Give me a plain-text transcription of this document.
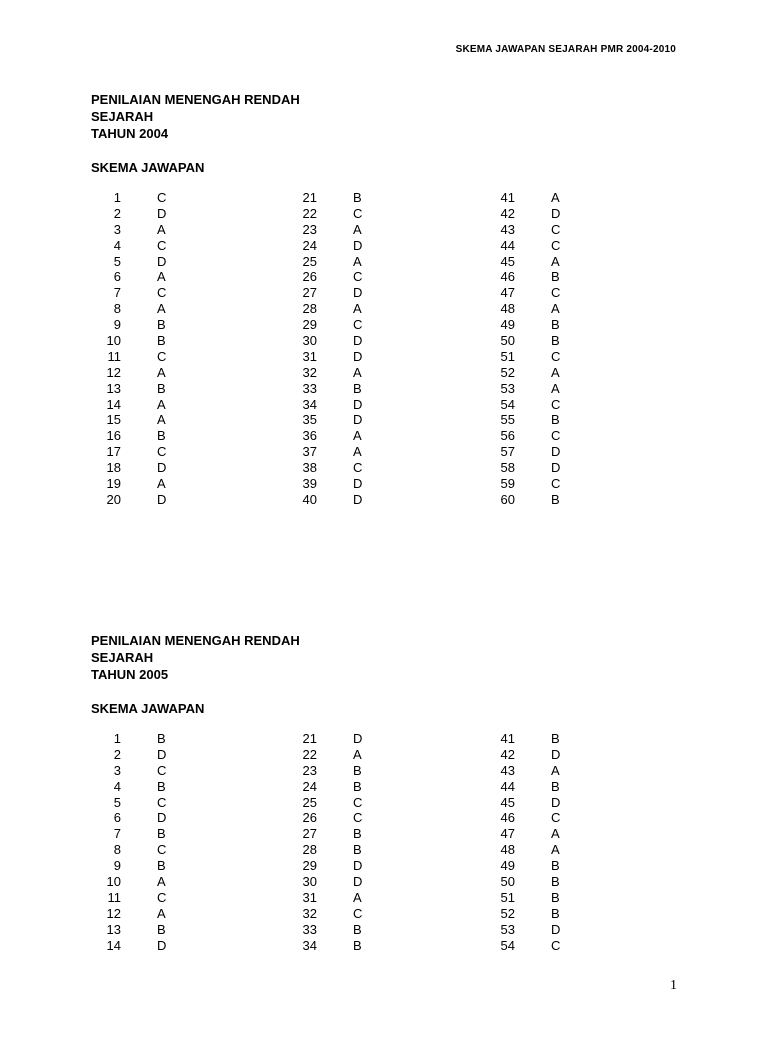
SKEMA JAWAPAN SEJARAH PMR 2004-2010

PENILAIAN MENENGAH RENDAH

SEJARAH

TAHUN 2004

SKEMA JAWAPAN

1	C
2	D
3	A
4	C
5	D
6	A
7	C
8	A
9	B
10	B
11	C
12	A
13	B
14	A
15	A
16	B
17	C
18	D
19	A
20	D
21	B
22	C
23	A
24	D
25	A
26	C
27	D
28	A
29	C
30	D
31	D
32	A
33	B
34	D
35	D
36	A
37	A
38	C
39	D
40	D
41	A
42	D
43	C
44	C
45	A
46	B
47	C
48	A
49	B
50	B
51	C
52	A
53	A
54	C
55	B
56	C
57	D
58	D
59	C
60	B

PENILAIAN MENENGAH RENDAH

SEJARAH

TAHUN 2005

SKEMA JAWAPAN

1	B
2	D
3	C
4	B
5	C
6	D
7	B
8	C
9	B
10	A
11	C
12	A
13	B
14	D
21	D
22	A
23	B
24	B
25	C
26	C
27	B
28	B
29	D
30	D
31	A
32	C
33	B
34	B
41	B
42	D
43	A
44	B
45	D
46	C
47	A
48	A
49	B
50	B
51	B
52	B
53	D
54	C
1
